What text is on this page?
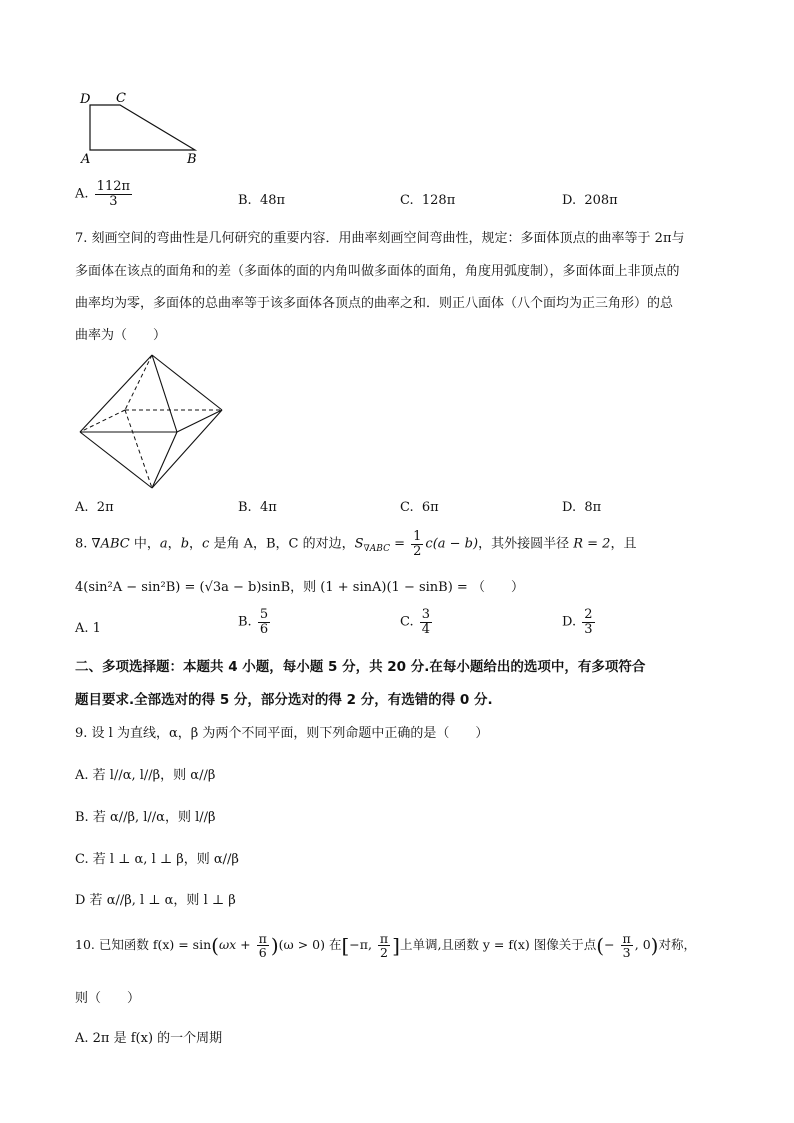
D C
A	B
A. $\frac{112\pi}{3}$	B. 48π	C. 128π	D. 208π
7. 刻画空间的弯曲性是几何研究的重要内容．用曲率刻画空间弯曲性，规定：多面体顶点的曲率等于 2π与
多面体在该点的面角和的差（多面体的面的内角叫做多面体的面角，角度用弧度制），多面体面上非顶点的
曲率均为零，多面体的总曲率等于该多面体各顶点的曲率之和．则正八面体（八个面均为正三角形）的总
曲率为（　　）
A. 2π	B. 4π	C. 6π	D. 8π
8. ∇ABC 中，a，b，c 是角 A，B，C 的对边，$S_{\nabla ABC} = \frac{1}{2} c(a - b)$，其外接圆半径 R = 2，且
4(sin²A − sin²B) = (√3a − b)sinB，则 (1 + sinA)(1 − sinB) = （　　）
A. 1	B. $\frac{5}{6}$	C. $\frac{3}{4}$	D. $\frac{2}{3}$
二、多项选择题：本题共 4 小题，每小题 5 分，共 20 分.在每小题给出的选项中，有多项符合
题目要求.全部选对的得 5 分，部分选对的得 2 分，有选错的得 0 分.
9. 设 l 为直线，α，β 为两个不同平面，则下列命题中正确的是（　　）
A. 若 l//α, l//β，则 α//β
B. 若 α//β, l//α，则 l//β
C. 若 l ⊥ α, l ⊥ β，则 α//β
D 若 α//β, l ⊥ α，则 l ⊥ β
10. 已知函数 $f(x) = \sin(\omega x + \frac{\pi}{6} )(\omega > 0)$ 在[−π, $\frac{\pi}{2}$ ]上单调,且函数 y = f(x) 图像关于点(− $\frac{\pi}{3}$ , 0)对称，
则（　　）
A. 2π 是 f(x) 的一个周期
